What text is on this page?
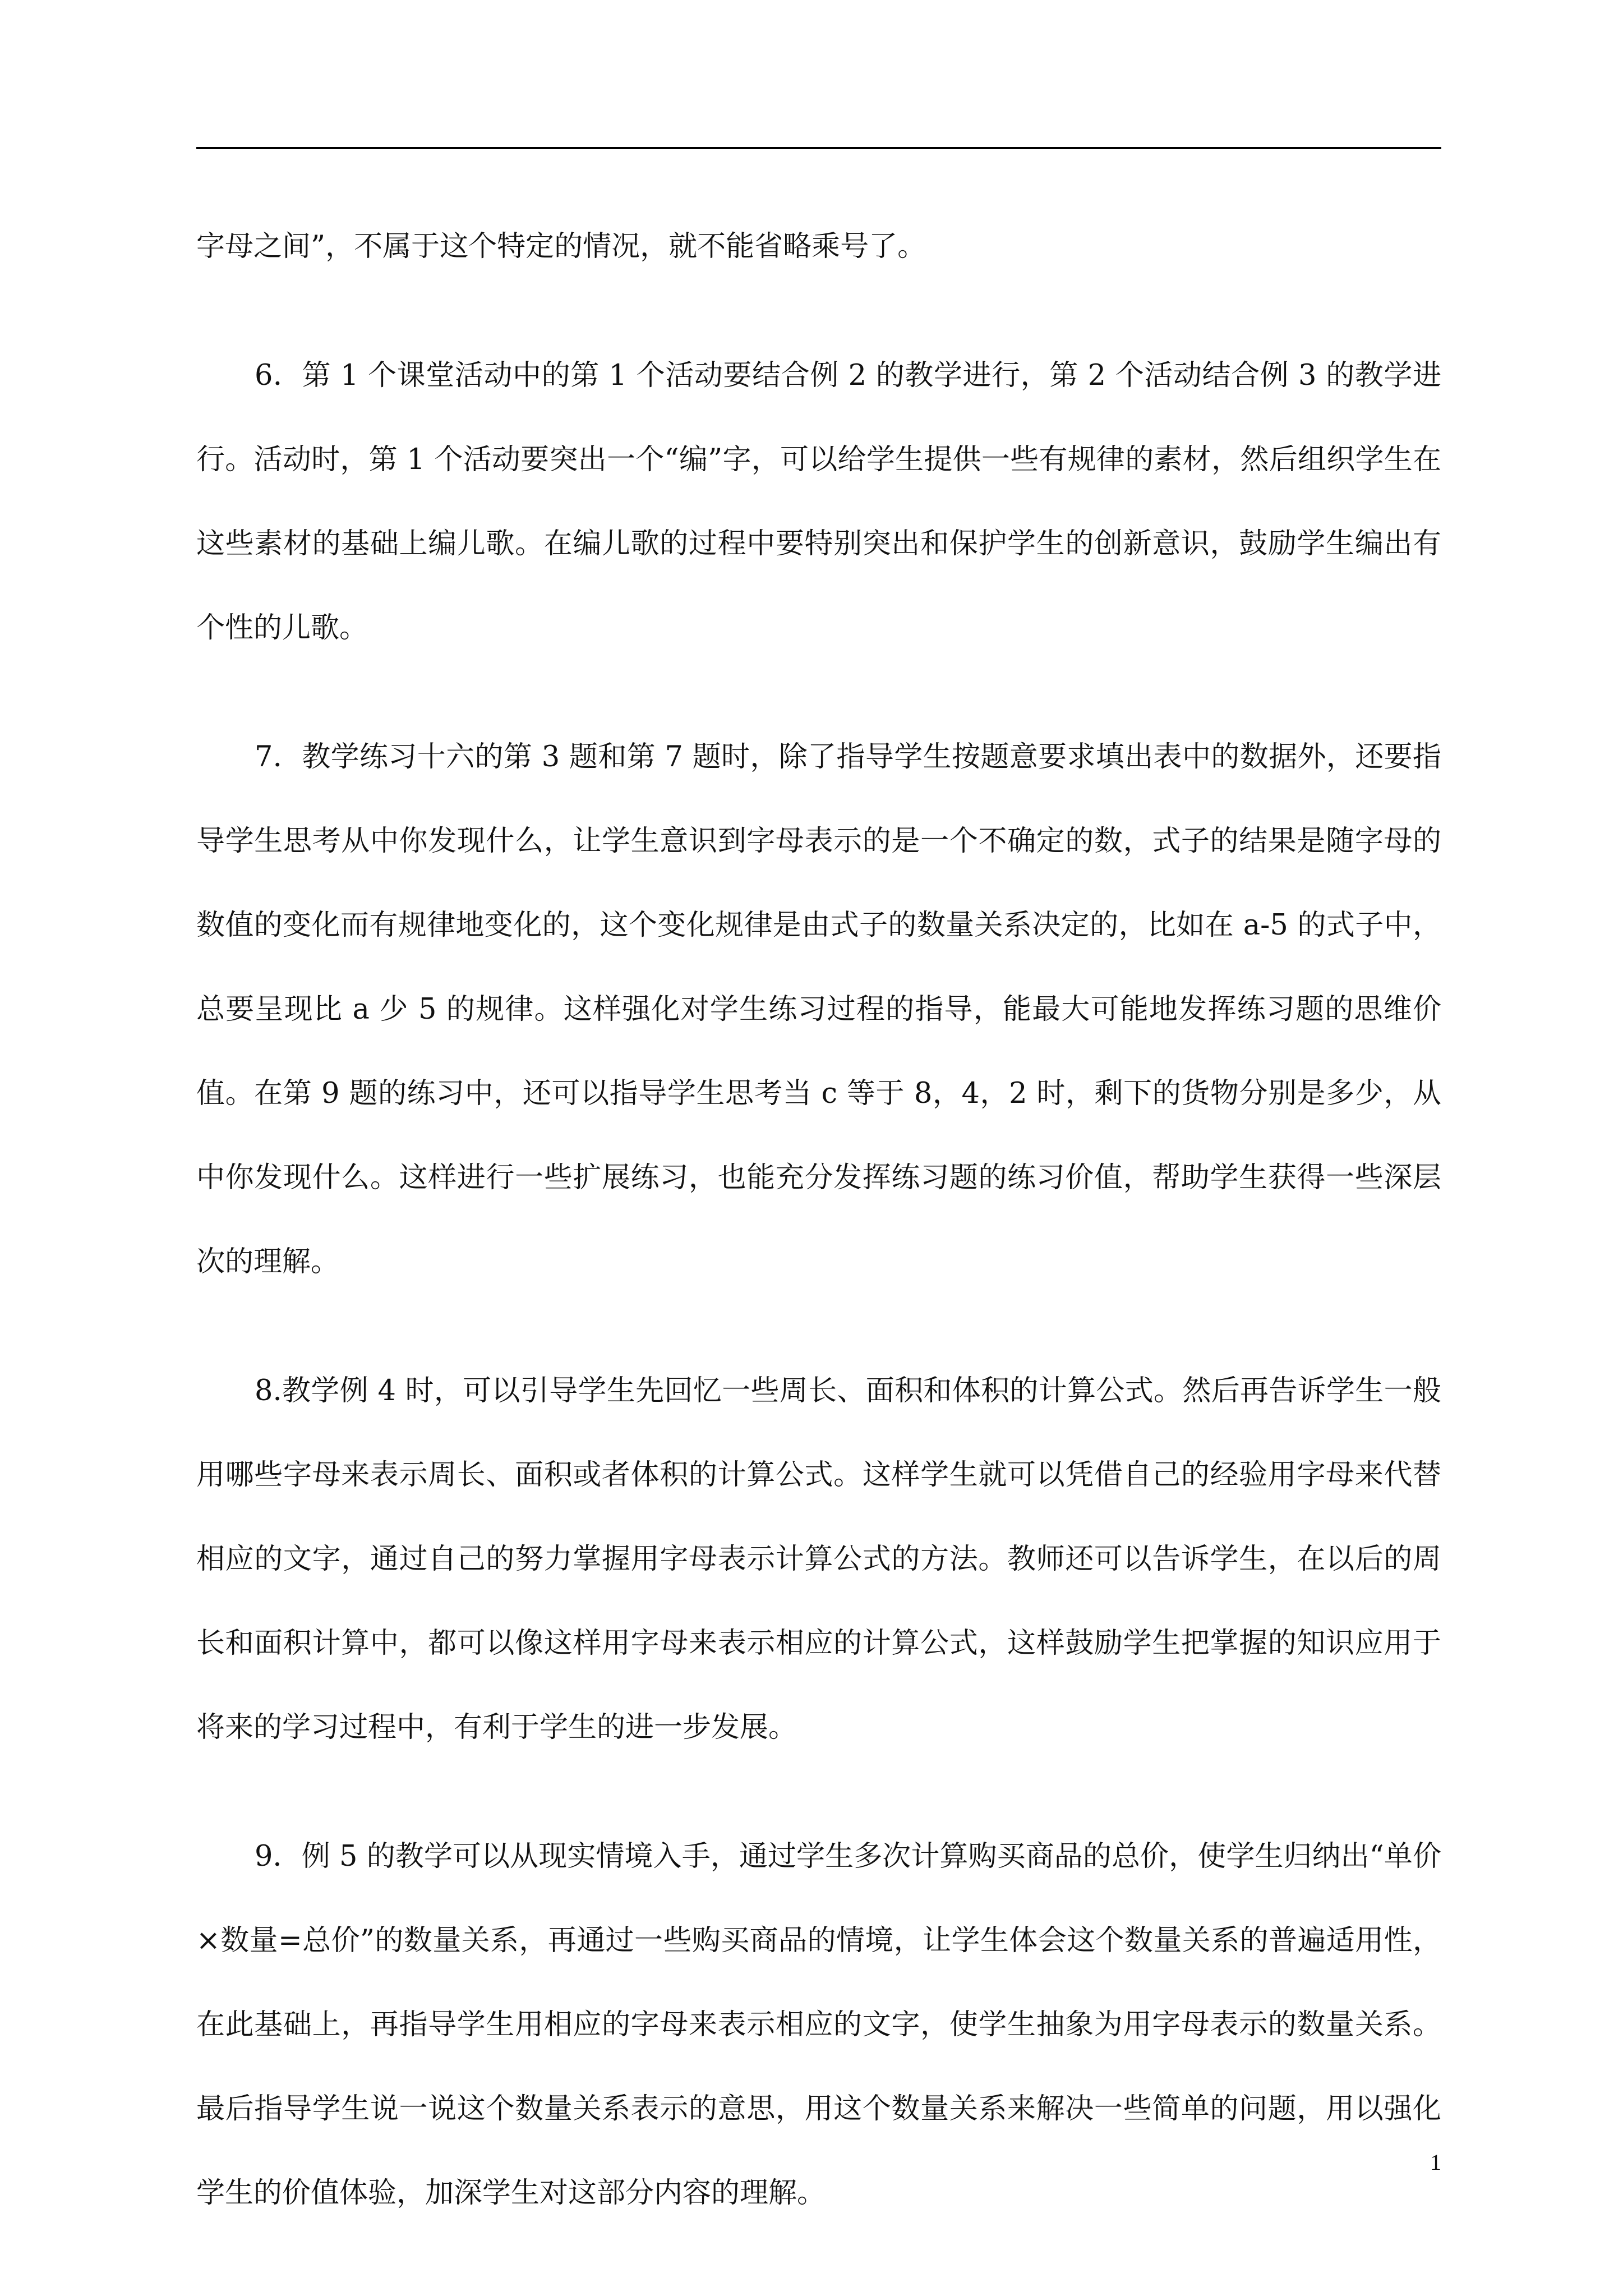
字母之间”，不属于这个特定的情况，就不能省略乘号了。

6．第 1 个课堂活动中的第 1 个活动要结合例 2 的教学进行，第 2 个活动结合例 3 的教学进行。活动时，第 1 个活动要突出一个“编”字，可以给学生提供一些有规律的素材，然后组织学生在这些素材的基础上编儿歌。在编儿歌的过程中要特别突出和保护学生的创新意识，鼓励学生编出有个性的儿歌。

7．教学练习十六的第 3 题和第 7 题时，除了指导学生按题意要求填出表中的数据外，还要指导学生思考从中你发现什么，让学生意识到字母表示的是一个不确定的数，式子的结果是随字母的数值的变化而有规律地变化的，这个变化规律是由式子的数量关系决定的，比如在 a-5 的式子中，总要呈现比 a 少 5 的规律。这样强化对学生练习过程的指导，能最大可能地发挥练习题的思维价值。在第 9 题的练习中，还可以指导学生思考当 c 等于 8，4，2 时，剩下的货物分别是多少，从中你发现什么。这样进行一些扩展练习，也能充分发挥练习题的练习价值，帮助学生获得一些深层次的理解。

8.教学例 4 时，可以引导学生先回忆一些周长、面积和体积的计算公式。然后再告诉学生一般用哪些字母来表示周长、面积或者体积的计算公式。这样学生就可以凭借自己的经验用字母来代替相应的文字，通过自己的努力掌握用字母表示计算公式的方法。教师还可以告诉学生，在以后的周长和面积计算中，都可以像这样用字母来表示相应的计算公式，这样鼓励学生把掌握的知识应用于将来的学习过程中，有利于学生的进一步发展。

9．例 5 的教学可以从现实情境入手，通过学生多次计算购买商品的总价，使学生归纳出“单价×数量=总价”的数量关系，再通过一些购买商品的情境，让学生体会这个数量关系的普遍适用性，在此基础上，再指导学生用相应的字母来表示相应的文字，使学生抽象为用字母表示的数量关系。最后指导学生说一说这个数量关系表示的意思，用这个数量关系来解决一些简单的问题，用以强化学生的价值体验，加深学生对这部分内容的理解。

1
